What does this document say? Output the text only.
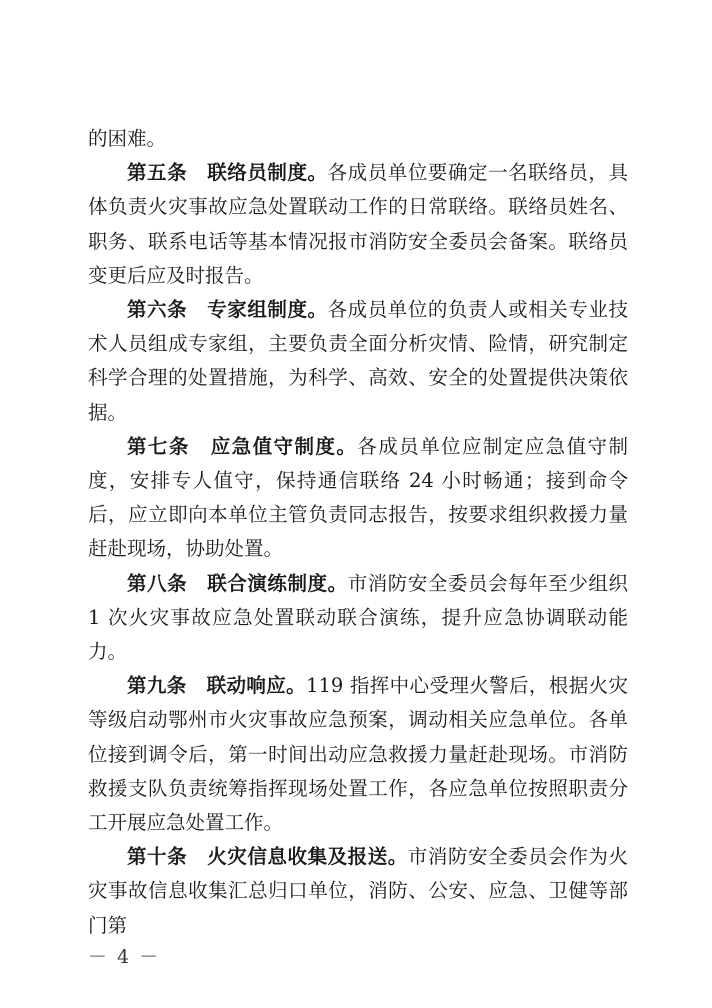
的困难。

第五条  联络员制度。各成员单位要确定一名联络员，具体负责火灾事故应急处置联动工作的日常联络。联络员姓名、职务、联系电话等基本情况报市消防安全委员会备案。联络员变更后应及时报告。

第六条  专家组制度。各成员单位的负责人或相关专业技术人员组成专家组，主要负责全面分析灾情、险情，研究制定科学合理的处置措施，为科学、高效、安全的处置提供决策依据。

第七条  应急值守制度。各成员单位应制定应急值守制度，安排专人值守，保持通信联络 24 小时畅通；接到命令后，应立即向本单位主管负责同志报告，按要求组织救援力量赶赴现场，协助处置。

第八条  联合演练制度。市消防安全委员会每年至少组织 1 次火灾事故应急处置联动联合演练，提升应急协调联动能力。

第九条  联动响应。119 指挥中心受理火警后，根据火灾等级启动鄂州市火灾事故应急预案，调动相关应急单位。各单位接到调令后，第一时间出动应急救援力量赶赴现场。市消防救援支队负责统筹指挥现场处置工作，各应急单位按照职责分工开展应急处置工作。

第十条  火灾信息收集及报送。市消防安全委员会作为火灾事故信息收集汇总归口单位，消防、公安、应急、卫健等部门第

－ 4 －
